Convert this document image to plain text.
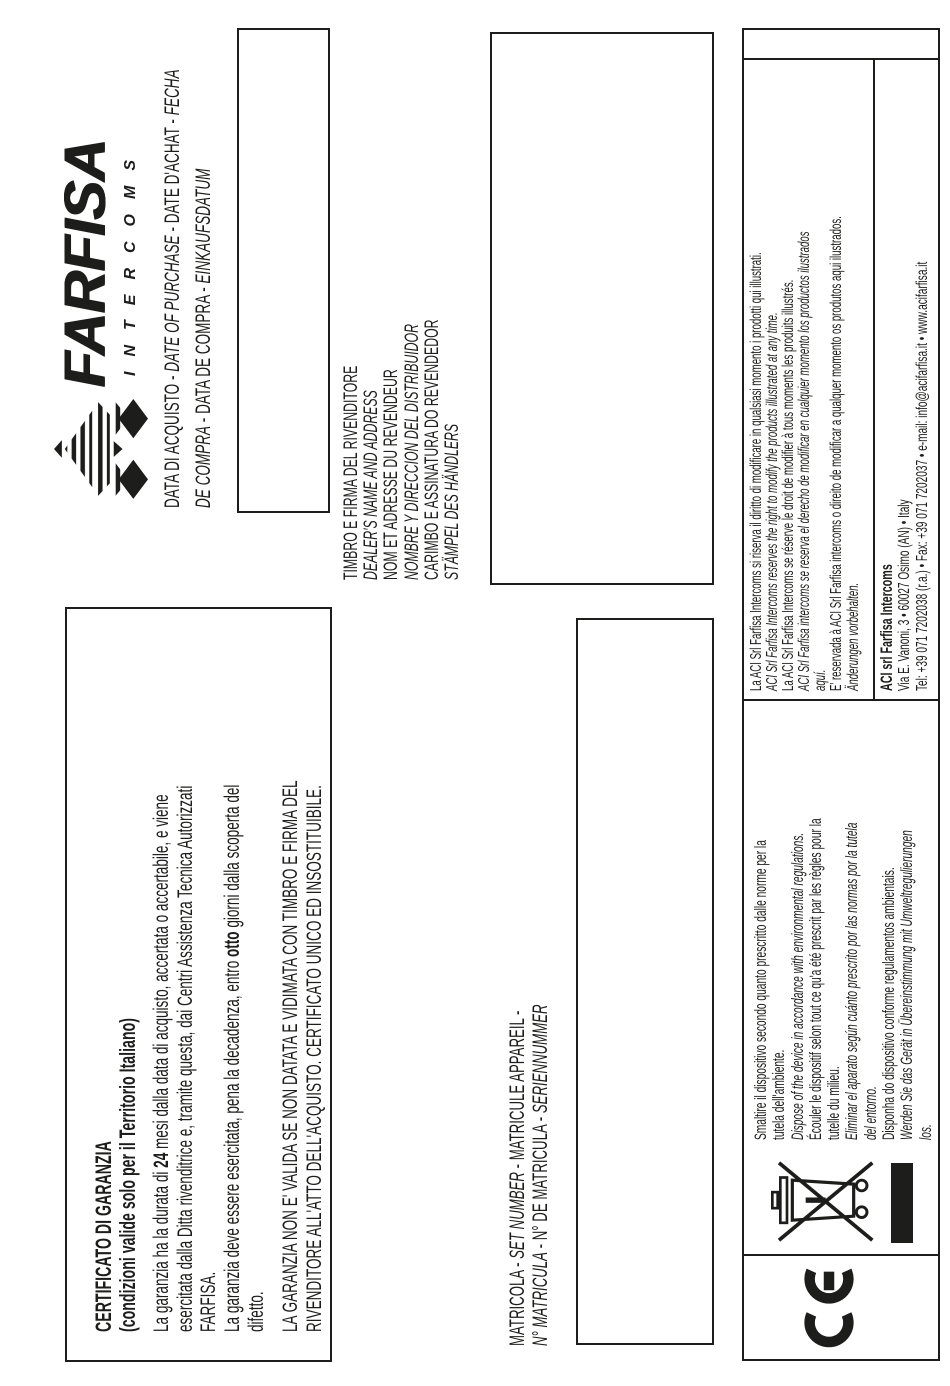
CERTIFICATO DI GARANZIA
(condizioni valide solo per il Territorio Italiano) La garanzia ha la durata di 24 mesi dalla data di acquisto, accertata o accertabile, e viene esercitata dalla Ditta rivenditrice e, tramite questa, dai Centri Assistenza Tecnica Autorizzati FARFISA. La garanzia deve essere esercitata, pena la decadenza, entro otto giorni dalla scoperta del
difetto. LA GARANZIA NON E' VALIDA SE NON DATATA E VIDIMATA CON TIMBRO E FIRMA DEL RIVENDITORE ALL'ATTO DELL'ACQUISTO. CERTIFICATO UNICO ED INSOSTITUIBILE.	MATRICOLA - SET NUMBER - MATRICULE APPAREIL -
N° MATRICULA - N° DE MATRICULA - SERIENNUMMER
FARFISA INTERCOMS
DATA DI ACQUISTO - DATE OF PURCHASE - DATE D'ACHAT - FECHA
DE COMPRA - DATA DE COMPRA - EINKAUFSDATUM
TIMBRO E FIRMA DEL RIVENDITORE
DEALER'S NAME AND ADDRESS
NOM ET ADRESSE DU REVENDEUR
NOMBRE Y DIRECCION DEL DISTRIBUIDOR
CARIMBO E ASSINATURA DO REVENDEDOR
STÄMPEL DES HÄNDLERS
Smaltire il dispositivo secondo quanto prescritto dalle norme per la tutela dell'ambiente. Dispose of the device in accordance with environmental regulations. Écouler le dispositif selon tout ce qu'a été prescrit par les règles pour la tutelle du milieu. Eliminar el aparato según cuánto prescrito por las normas por la tutela del entorno. Disponha do dispositivo conforme regulamentos ambientais. Werden Sie das Gerät in Übereinstimmung mit Umweltregulierungen los.
La ACI Srl Farfisa Intercoms si riserva il diritto di modificare in qualsiasi momento i prodotti qui illustrati. ACI Srl Farfisa Intercoms reserves the right to modify the products illustrated at any time. La ACI Srl Farfisa Intercoms se réserve le droit de modifier à tous moments les produits illustrés. ACI Srl Farfisa intercoms se reserva el derecho de modificar en cualquier momento los productos ilustrados aquí. E' reservada à ACI Srl Farfisa intercoms o direito de modificar a qualquer momento os produtos aqui ilustrados. Änderungen vorbehalten. ACI srl Farfisa Intercoms Via E. Vanoni, 3 • 60027 Osimo (AN) • Italy Tel: +39 071 7202038 (r.a.) • Fax: +39 071 7202037 • e-mail: info@acifarfisa.it • www.acifarfisa.it
